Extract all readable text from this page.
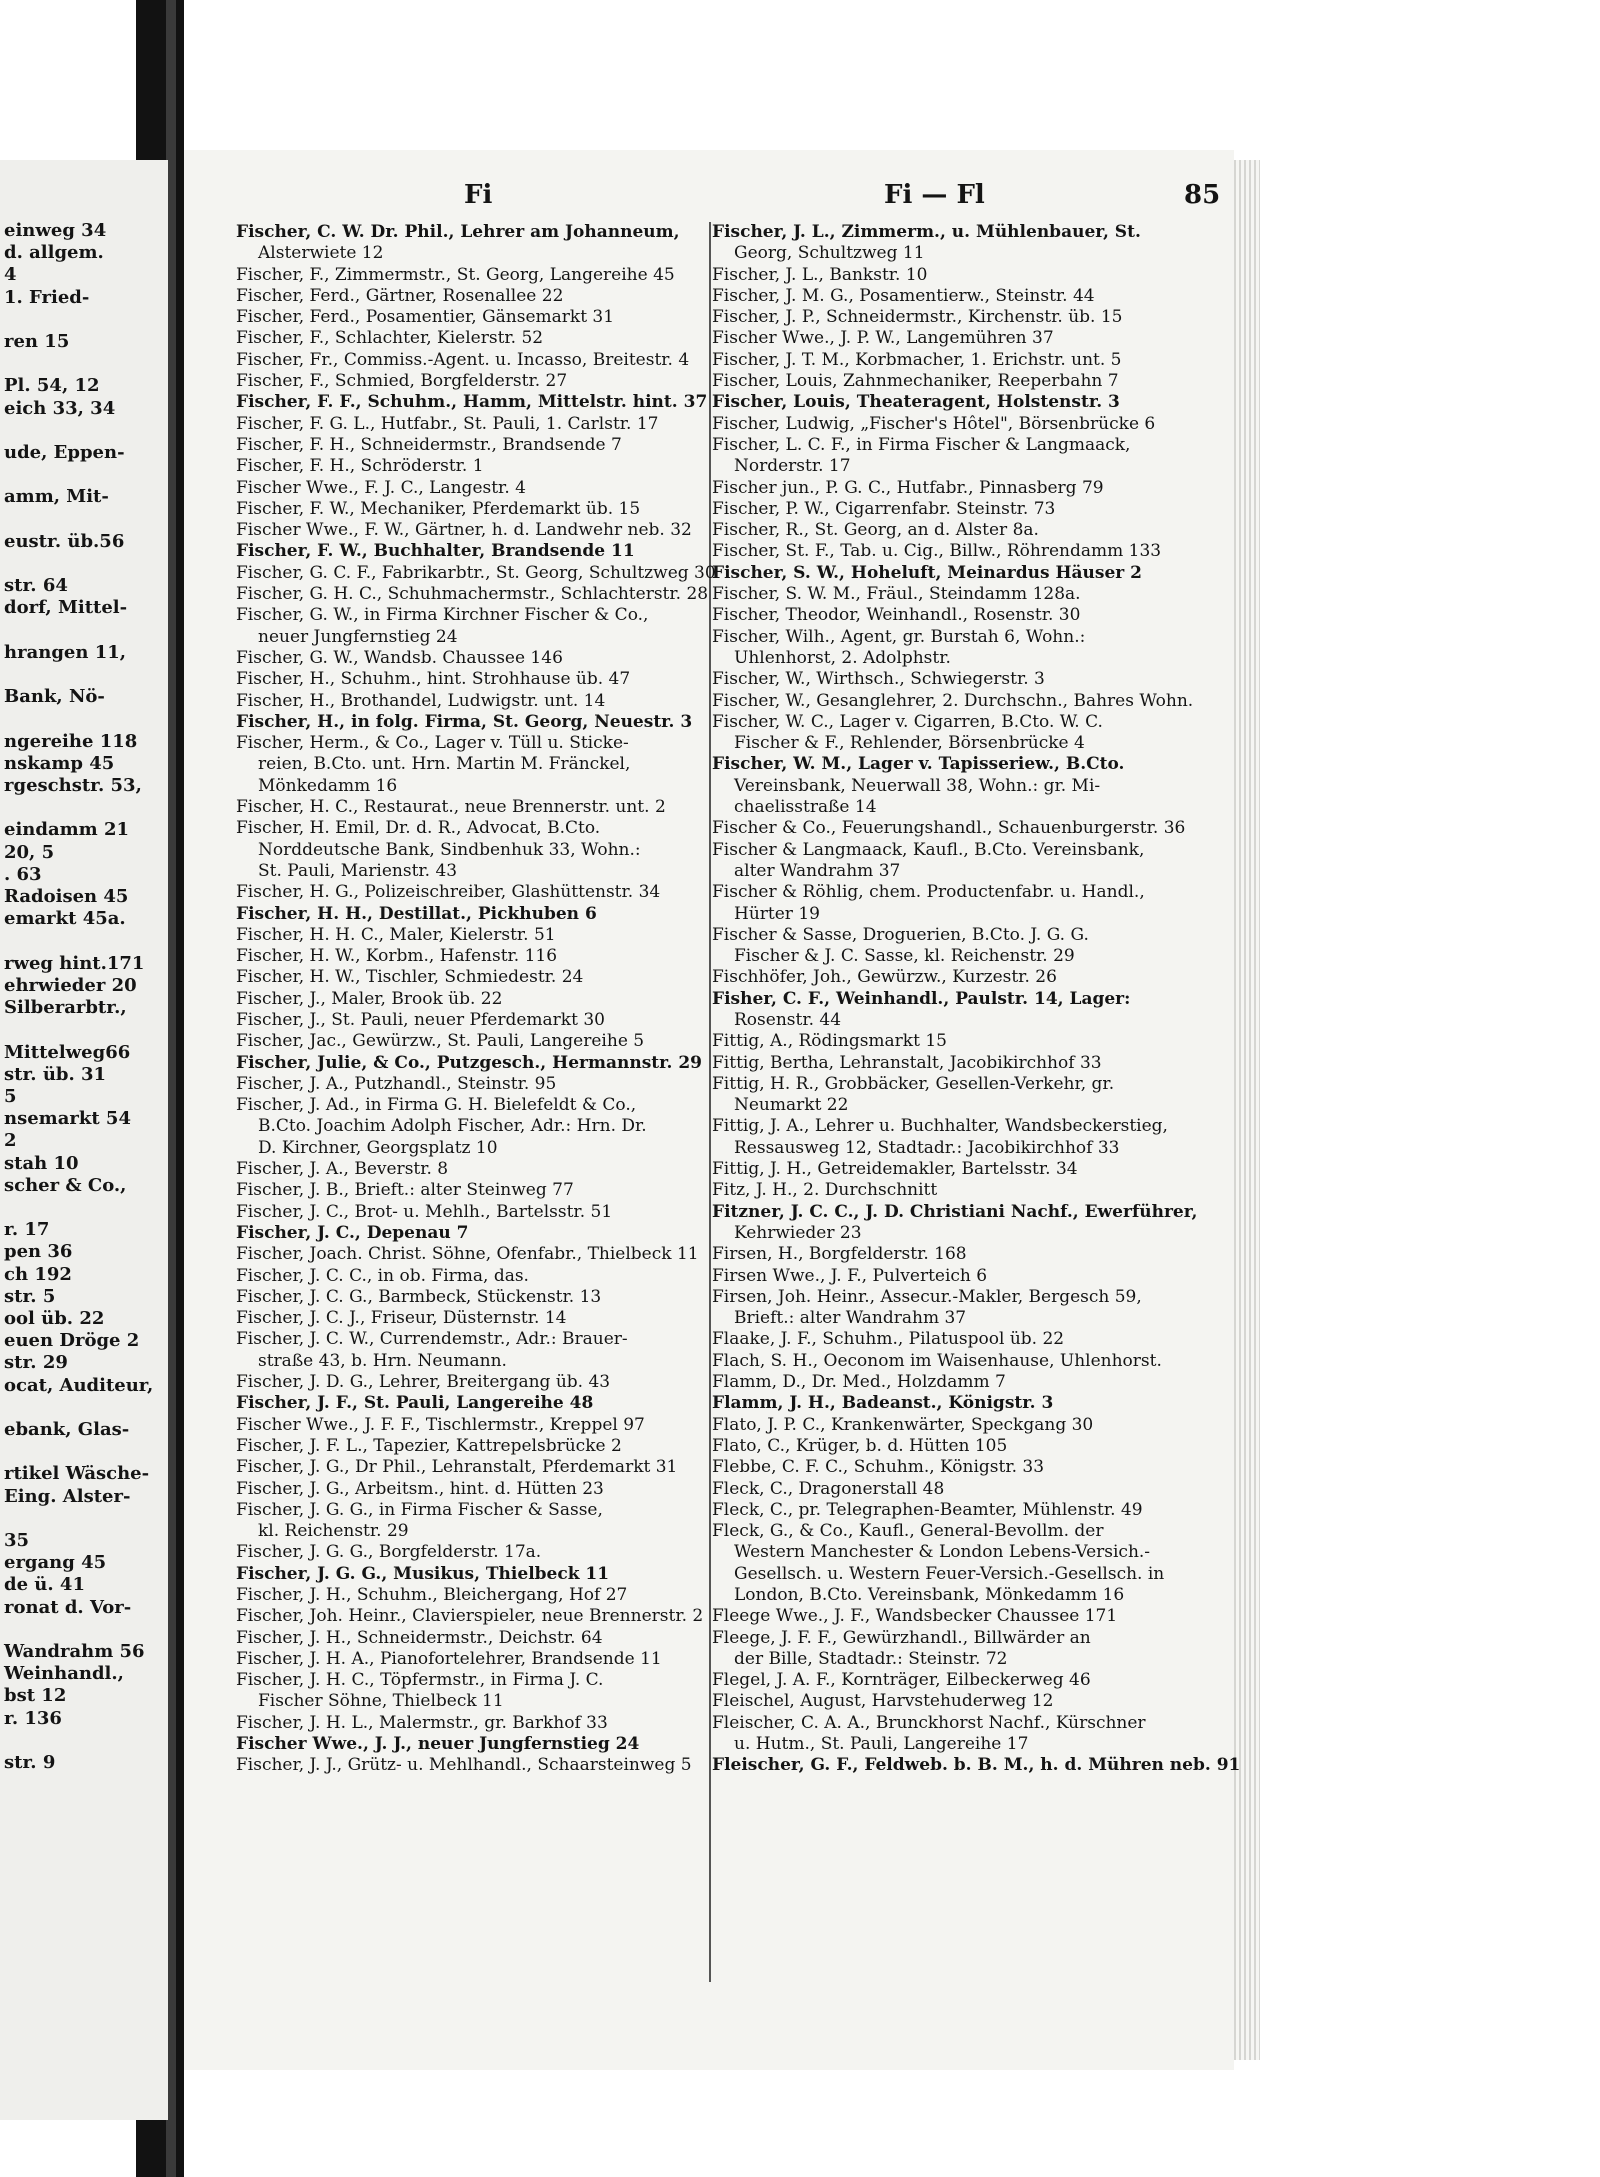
einweg 34
d. allgem.
4
1. Fried-

ren 15

Pl. 54, 12
eich 33, 34

ude, Eppen-

amm, Mit-

eustr. üb.56

str. 64
dorf, Mittel-

hrangen 11,

Bank, Nö-

ngereihe 118
nskamp 45
rgeschstr. 53,

eindamm 21
20, 5
. 63
Radoisen 45
emarkt 45a.

rweg hint.171
ehrwieder 20
Silberarbtr.,

Mittelweg66
str. üb. 31
5
nsemarkt 54
2
stah 10
scher & Co.,

r. 17
pen 36
ch 192
str. 5
ool üb. 22
euen Dröge 2
str. 29
ocat, Auditeur,

ebank, Glas-

rtikel Wäsche-
Eing. Alster-

35
ergang 45
de ü. 41
ronat d. Vor-

Wandrahm 56
Weinhandl.,
bst 12
r. 136

str. 9
Fi	Fi — Fl	85
Fischer, C. W. Dr. Phil., Lehrer am Johanneum,
Alsterwiete 12
Fischer, F., Zimmermstr., St. Georg, Langereihe 45
Fischer, Ferd., Gärtner, Rosenallee 22
Fischer, Ferd., Posamentier, Gänsemarkt 31
Fischer, F., Schlachter, Kielerstr. 52
Fischer, Fr., Commiss.-Agent. u. Incasso, Breitestr. 4
Fischer, F., Schmied, Borgfelderstr. 27
Fischer, F. F., Schuhm., Hamm, Mittelstr. hint. 37
Fischer, F. G. L., Hutfabr., St. Pauli, 1. Carlstr. 17
Fischer, F. H., Schneidermstr., Brandsende 7
Fischer, F. H., Schröderstr. 1
Fischer Wwe., F. J. C., Langestr. 4
Fischer, F. W., Mechaniker, Pferdemarkt üb. 15
Fischer Wwe., F. W., Gärtner, h. d. Landwehr neb. 32
Fischer, F. W., Buchhalter, Brandsende 11
Fischer, G. C. F., Fabrikarbtr., St. Georg, Schultzweg 30
Fischer, G. H. C., Schuhmachermstr., Schlachterstr. 28
Fischer, G. W., in Firma Kirchner Fischer & Co.,
neuer Jungfernstieg 24
Fischer, G. W., Wandsb. Chaussee 146
Fischer, H., Schuhm., hint. Strohhause üb. 47
Fischer, H., Brothandel, Ludwigstr. unt. 14
Fischer, H., in folg. Firma, St. Georg, Neuestr. 3
Fischer, Herm., & Co., Lager v. Tüll u. Sticke-
reien, B.Cto. unt. Hrn. Martin M. Fränckel,
Mönkedamm 16
Fischer, H. C., Restaurat., neue Brennerstr. unt. 2
Fischer, H. Emil, Dr. d. R., Advocat, B.Cto.
Norddeutsche Bank, Sindbenhuk 33, Wohn.:
St. Pauli, Marienstr. 43
Fischer, H. G., Polizeischreiber, Glashüttenstr. 34
Fischer, H. H., Destillat., Pickhuben 6
Fischer, H. H. C., Maler, Kielerstr. 51
Fischer, H. W., Korbm., Hafenstr. 116
Fischer, H. W., Tischler, Schmiedestr. 24
Fischer, J., Maler, Brook üb. 22
Fischer, J., St. Pauli, neuer Pferdemarkt 30
Fischer, Jac., Gewürzw., St. Pauli, Langereihe 5
Fischer, Julie, & Co., Putzgesch., Hermannstr. 29
Fischer, J. A., Putzhandl., Steinstr. 95
Fischer, J. Ad., in Firma G. H. Bielefeldt & Co.,
B.Cto. Joachim Adolph Fischer, Adr.: Hrn. Dr.
D. Kirchner, Georgsplatz 10
Fischer, J. A., Beverstr. 8
Fischer, J. B., Brieft.: alter Steinweg 77
Fischer, J. C., Brot- u. Mehlh., Bartelsstr. 51
Fischer, J. C., Depenau 7
Fischer, Joach. Christ. Söhne, Ofenfabr., Thielbeck 11
Fischer, J. C. C., in ob. Firma, das.
Fischer, J. C. G., Barmbeck, Stückenstr. 13
Fischer, J. C. J., Friseur, Düsternstr. 14
Fischer, J. C. W., Currendemstr., Adr.: Brauer-
straße 43, b. Hrn. Neumann.
Fischer, J. D. G., Lehrer, Breitergang üb. 43
Fischer, J. F., St. Pauli, Langereihe 48
Fischer Wwe., J. F. F., Tischlermstr., Kreppel 97
Fischer, J. F. L., Tapezier, Kattrepelsbrücke 2
Fischer, J. G., Dr Phil., Lehranstalt, Pferdemarkt 31
Fischer, J. G., Arbeitsm., hint. d. Hütten 23
Fischer, J. G. G., in Firma Fischer & Sasse,
kl. Reichenstr. 29
Fischer, J. G. G., Borgfelderstr. 17a.
Fischer, J. G. G., Musikus, Thielbeck 11
Fischer, J. H., Schuhm., Bleichergang, Hof 27
Fischer, Joh. Heinr., Clavierspieler, neue Brennerstr. 2
Fischer, J. H., Schneidermstr., Deichstr. 64
Fischer, J. H. A., Pianofortelehrer, Brandsende 11
Fischer, J. H. C., Töpfermstr., in Firma J. C.
Fischer Söhne, Thielbeck 11
Fischer, J. H. L., Malermstr., gr. Barkhof 33
Fischer Wwe., J. J., neuer Jungfernstieg 24
Fischer, J. J., Grütz- u. Mehlhandl., Schaarsteinweg 5
Fischer, J. L., Zimmerm., u. Mühlenbauer, St.
Georg, Schultzweg 11
Fischer, J. L., Bankstr. 10
Fischer, J. M. G., Posamentierw., Steinstr. 44
Fischer, J. P., Schneidermstr., Kirchenstr. üb. 15
Fischer Wwe., J. P. W., Langemühren 37
Fischer, J. T. M., Korbmacher, 1. Erichstr. unt. 5
Fischer, Louis, Zahnmechaniker, Reeperbahn 7
Fischer, Louis, Theateragent, Holstenstr. 3
Fischer, Ludwig, „Fischer's Hôtel", Börsenbrücke 6
Fischer, L. C. F., in Firma Fischer & Langmaack,
Norderstr. 17
Fischer jun., P. G. C., Hutfabr., Pinnasberg 79
Fischer, P. W., Cigarrenfabr. Steinstr. 73
Fischer, R., St. Georg, an d. Alster 8a.
Fischer, St. F., Tab. u. Cig., Billw., Röhrendamm 133
Fischer, S. W., Hoheluft, Meinardus Häuser 2
Fischer, S. W. M., Fräul., Steindamm 128a.
Fischer, Theodor, Weinhandl., Rosenstr. 30
Fischer, Wilh., Agent, gr. Burstah 6, Wohn.:
Uhlenhorst, 2. Adolphstr.
Fischer, W., Wirthsch., Schwiegerstr. 3
Fischer, W., Gesanglehrer, 2. Durchschn., Bahres Wohn.
Fischer, W. C., Lager v. Cigarren, B.Cto. W. C.
Fischer & F., Rehlender, Börsenbrücke 4
Fischer, W. M., Lager v. Tapisseriew., B.Cto.
Vereinsbank, Neuerwall 38, Wohn.: gr. Mi-
chaelisstraße 14
Fischer & Co., Feuerungshandl., Schauenburgerstr. 36
Fischer & Langmaack, Kaufl., B.Cto. Vereinsbank,
alter Wandrahm 37
Fischer & Röhlig, chem. Productenfabr. u. Handl.,
Hürter 19
Fischer & Sasse, Droguerien, B.Cto. J. G. G.
Fischer & J. C. Sasse, kl. Reichenstr. 29
Fischhöfer, Joh., Gewürzw., Kurzestr. 26
Fisher, C. F., Weinhandl., Paulstr. 14, Lager:
Rosenstr. 44
Fittig, A., Rödingsmarkt 15
Fittig, Bertha, Lehranstalt, Jacobikirchhof 33
Fittig, H. R., Grobbäcker, Gesellen-Verkehr, gr.
Neumarkt 22
Fittig, J. A., Lehrer u. Buchhalter, Wandsbeckerstieg,
Ressausweg 12, Stadtadr.: Jacobikirchhof 33
Fittig, J. H., Getreidemakler, Bartelsstr. 34
Fitz, J. H., 2. Durchschnitt
Fitzner, J. C. C., J. D. Christiani Nachf., Ewerführer,
Kehrwieder 23
Firsen, H., Borgfelderstr. 168
Firsen Wwe., J. F., Pulverteich 6
Firsen, Joh. Heinr., Assecur.-Makler, Bergesch 59,
Brieft.: alter Wandrahm 37
Flaake, J. F., Schuhm., Pilatuspool üb. 22
Flach, S. H., Oeconom im Waisenhause, Uhlenhorst.
Flamm, D., Dr. Med., Holzdamm 7
Flamm, J. H., Badeanst., Königstr. 3
Flato, J. P. C., Krankenwärter, Speckgang 30
Flato, C., Krüger, b. d. Hütten 105
Flebbe, C. F. C., Schuhm., Königstr. 33
Fleck, C., Dragonerstall 48
Fleck, C., pr. Telegraphen-Beamter, Mühlenstr. 49
Fleck, G., & Co., Kaufl., General-Bevollm. der
Western Manchester & London Lebens-Versich.-
Gesellsch. u. Western Feuer-Versich.-Gesellsch. in
London, B.Cto. Vereinsbank, Mönkedamm 16
Fleege Wwe., J. F., Wandsbecker Chaussee 171
Fleege, J. F. F., Gewürzhandl., Billwärder an
der Bille, Stadtadr.: Steinstr. 72
Flegel, J. A. F., Kornträger, Eilbeckerweg 46
Fleischel, August, Harvstehuderweg 12
Fleischer, C. A. A., Brunckhorst Nachf., Kürschner
u. Hutm., St. Pauli, Langereihe 17
Fleischer, G. F., Feldweb. b. B. M., h. d. Mühren neb. 91
